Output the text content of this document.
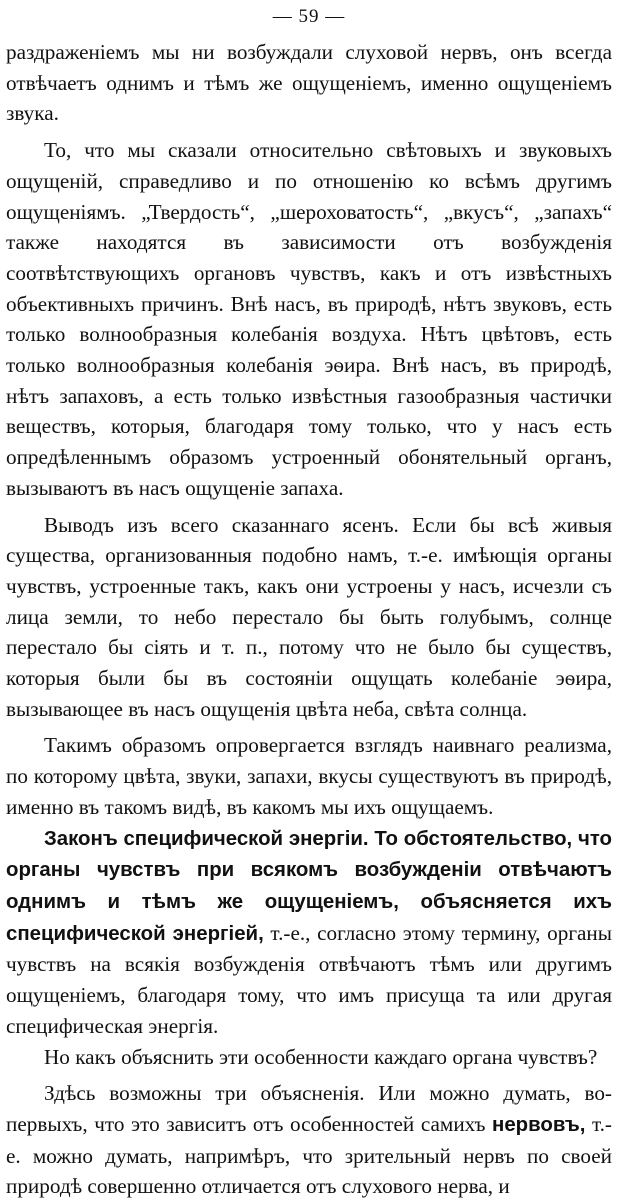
— 59 —

раздраженіемъ мы ни возбуждали слуховой нервъ, онъ всегда отвѣчаетъ однимъ и тѣмъ же ощущеніемъ, именно ощущеніемъ звука.

То, что мы сказали относительно свѣтовыхъ и звуковыхъ ощущеній, справедливо и по отношенію ко всѣмъ другимъ ощущеніямъ. „Твердость“, „шероховатость“, „вкусъ“, „запахъ“ также находятся въ зависимости отъ возбужденія соотвѣтствующихъ органовъ чувствъ, какъ и отъ извѣстныхъ объективныхъ причинъ. Внѣ насъ, въ природѣ, нѣтъ звуковъ, есть только волнообразныя колебанія воздуха. Нѣтъ цвѣтовъ, есть только волнообразныя колебанія эѳира. Внѣ насъ, въ природѣ, нѣтъ запаховъ, а есть только извѣстныя газообразныя частички веществъ, которыя, благодаря тому только, что у насъ есть опредѣленнымъ образомъ устроенный обонятельный органъ, вызываютъ въ насъ ощущеніе запаха.

Выводъ изъ всего сказаннаго ясенъ. Если бы всѣ живыя существа, организованныя подобно намъ, т.-е. имѣющія органы чувствъ, устроенные такъ, какъ они устроены у насъ, исчезли съ лица земли, то небо перестало бы быть голубымъ, солнце перестало бы сіять и т. п., потому что не было бы существъ, которыя были бы въ состояніи ощущать колебаніе эѳира, вызывающее въ насъ ощущенія цвѣта неба, свѣта солнца.

Такимъ образомъ опровергается взглядъ наивнаго реализма, по которому цвѣта, звуки, запахи, вкусы существуютъ въ природѣ, именно въ такомъ видѣ, въ какомъ мы ихъ ощущаемъ.

Законъ специфической энергіи. То обстоятельство, что органы чувствъ при всякомъ возбужденіи отвѣчаютъ однимъ и тѣмъ же ощущеніемъ, объясняется ихъ специфической энергіей, т.-е., согласно этому термину, органы чувствъ на всякія возбужденія отвѣчаютъ тѣмъ или другимъ ощущеніемъ, благодаря тому, что имъ присуща та или другая специфическая энергія.

Но какъ объяснить эти особенности каждаго органа чувствъ?

Здѣсь возможны три объясненія. Или можно думать, во-первыхъ, что это зависитъ отъ особенностей самихъ нервовъ, т.-е. можно думать, напримѣръ, что зрительный нервъ по своей природѣ совершенно отличается отъ слухового нерва, и
